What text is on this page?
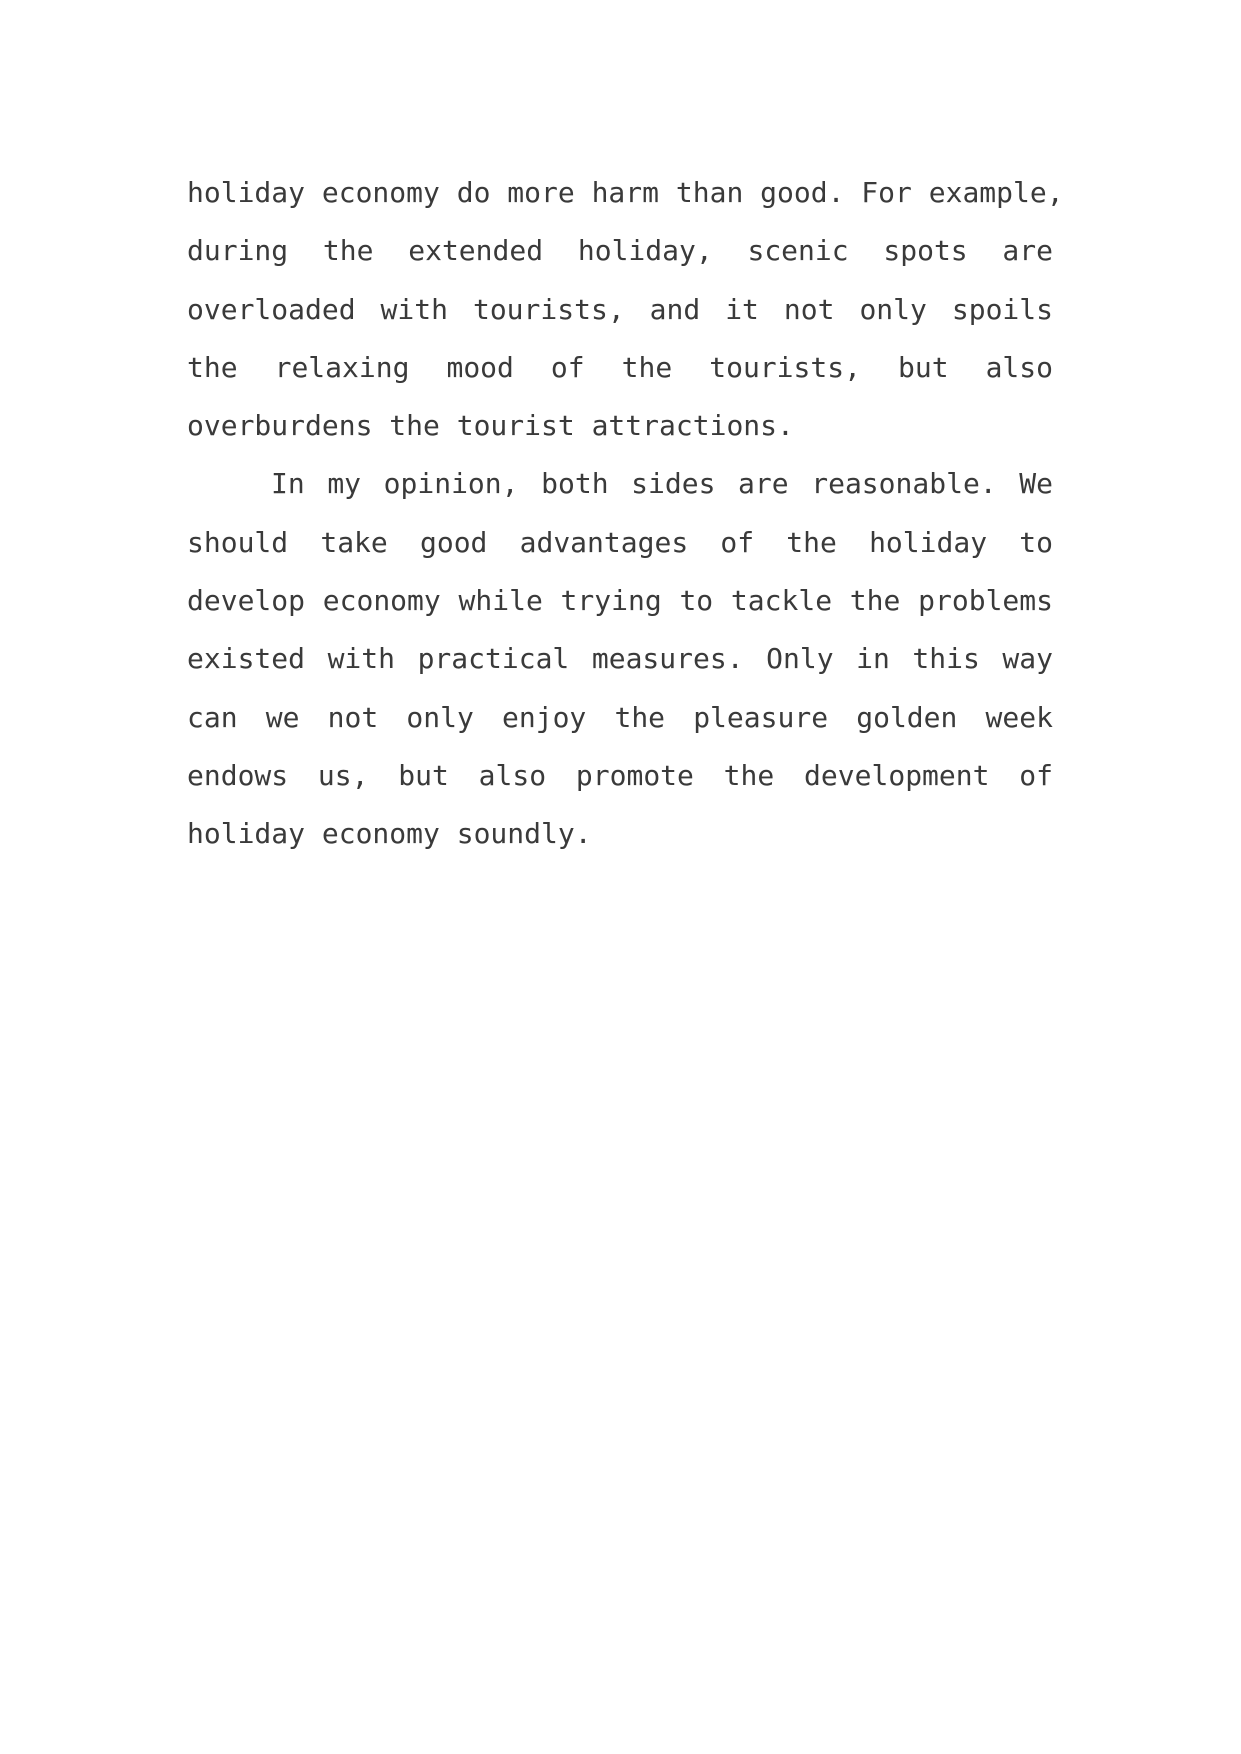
holiday economy do more harm than good. For example,
during the extended holiday, scenic spots are
overloaded with tourists, and it not only spoils
the relaxing mood of the tourists, but also
overburdens the tourist attractions.
In my opinion, both sides are reasonable. We
should take good advantages of the holiday to
develop economy while trying to tackle the problems
existed with practical measures. Only in this way
can we not only enjoy the pleasure golden week
endows us, but also promote the development of
holiday economy soundly.
